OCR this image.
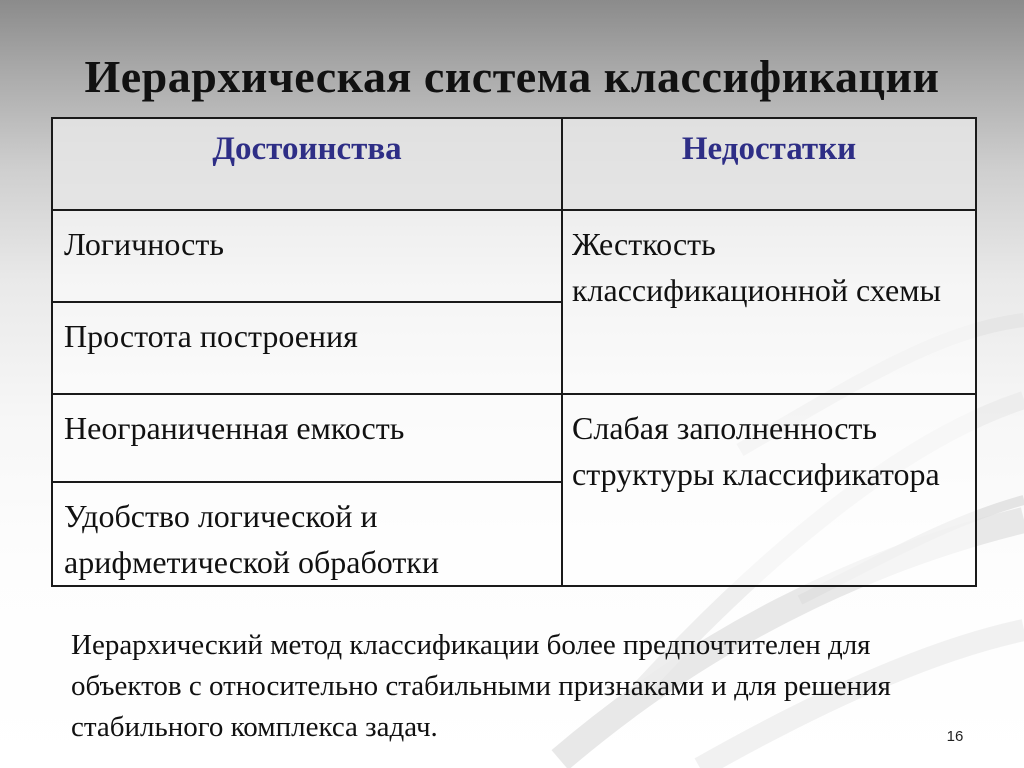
Иерархическая система классификации
Достоинства	Недостатки
Логичность	Жесткость классификационной схемы
Простота построения	
Неограниченная емкость	Слабая заполненность структуры классификатора
Удобство логической и арифметической обработки	
Иерархический метод классификации более предпочтителен для объектов с относительно стабильными признаками и для решения стабильного комплекса задач.	16
